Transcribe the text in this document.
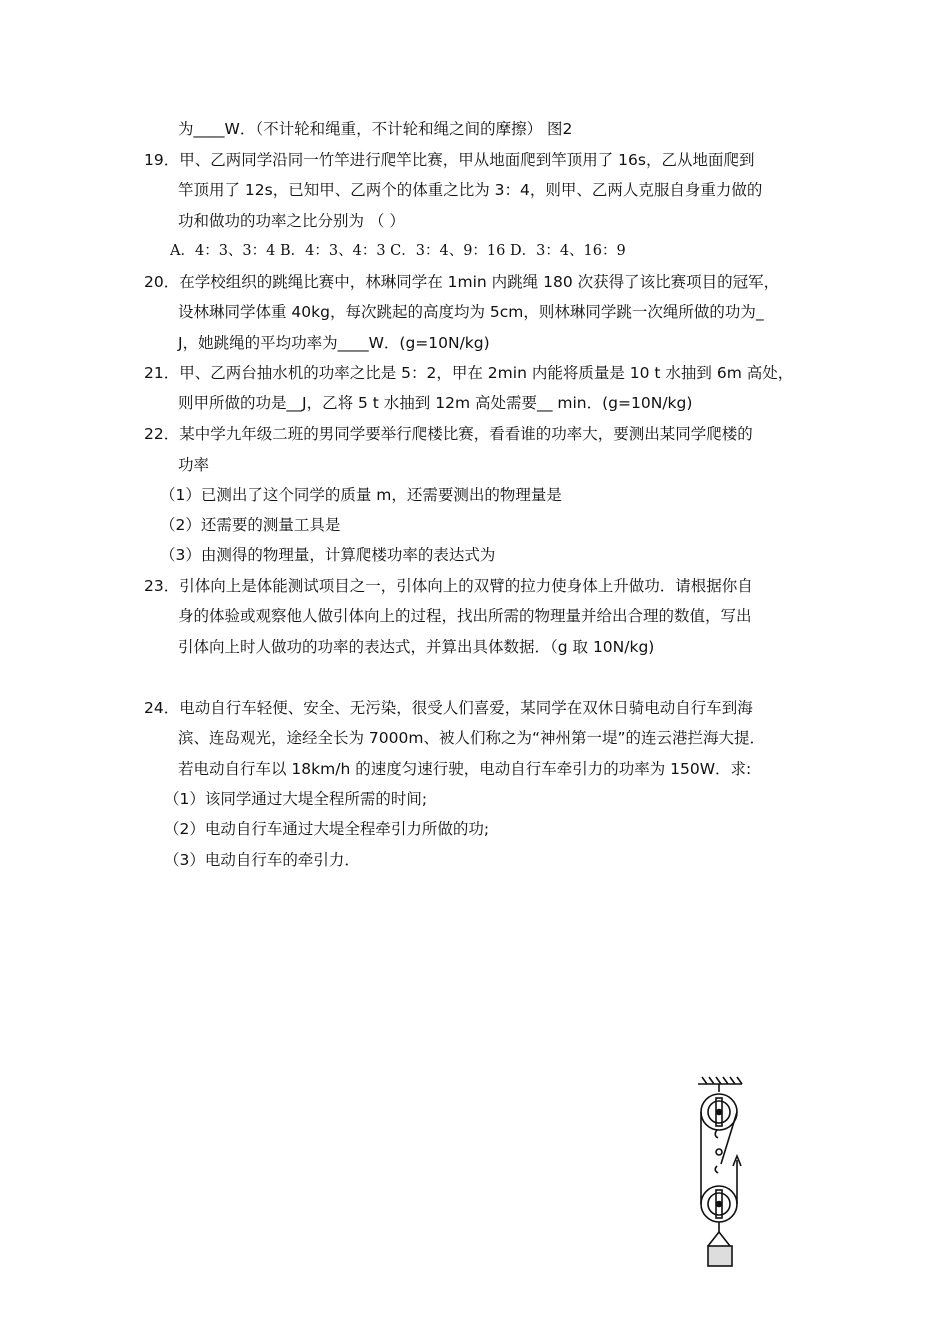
为____W．（不计轮和绳重，不计轮和绳之间的摩擦） 图2
19．甲、乙两同学沿同一竹竿进行爬竿比赛，甲从地面爬到竿顶用了 16s，乙从地面爬到
竿顶用了 12s，已知甲、乙两个的体重之比为 3：4，则甲、乙两人克服自身重力做的
功和做功的功率之比分别为 （ ）
A．4：3、3：4 B．4：3、4：3 C．3：4、9：16 D．3：4、16：9
20．在学校组织的跳绳比赛中，林琳同学在 1min 内跳绳 180 次获得了该比赛项目的冠军，
设林琳同学体重 40kg，每次跳起的高度均为 5cm，则林琳同学跳一次绳所做的功为_
J，她跳绳的平均功率为____W．(g=10N/kg)
21．甲、乙两台抽水机的功率之比是 5：2，甲在 2min 内能将质量是 10 t 水抽到 6m 高处，
则甲所做的功是__J，乙将 5 t 水抽到 12m 高处需要__ min．(g=10N/kg)
22．某中学九年级二班的男同学要举行爬楼比赛，看看谁的功率大，要测出某同学爬楼的
功率
（1）已测出了这个同学的质量 m，还需要测出的物理量是
（2）还需要的测量工具是
（3）由测得的物理量，计算爬楼功率的表达式为
23．引体向上是体能测试项目之一，引体向上的双臂的拉力使身体上升做功．请根据你自
身的体验或观察他人做引体向上的过程，找出所需的物理量并给出合理的数值，写出
引体向上时人做功的功率的表达式，并算出具体数据．（g 取 10N/kg)
24．电动自行车轻便、安全、无污染，很受人们喜爱，某同学在双休日骑电动自行车到海
滨、连岛观光，途经全长为 7000m、被人们称之为“神州第一堤”的连云港拦海大提．
若电动自行车以 18km/h 的速度匀速行驶，电动自行车牵引力的功率为 150W．求:
（1）该同学通过大堤全程所需的时间;
（2）电动自行车通过大堤全程牵引力所做的功;
（3）电动自行车的牵引力．
